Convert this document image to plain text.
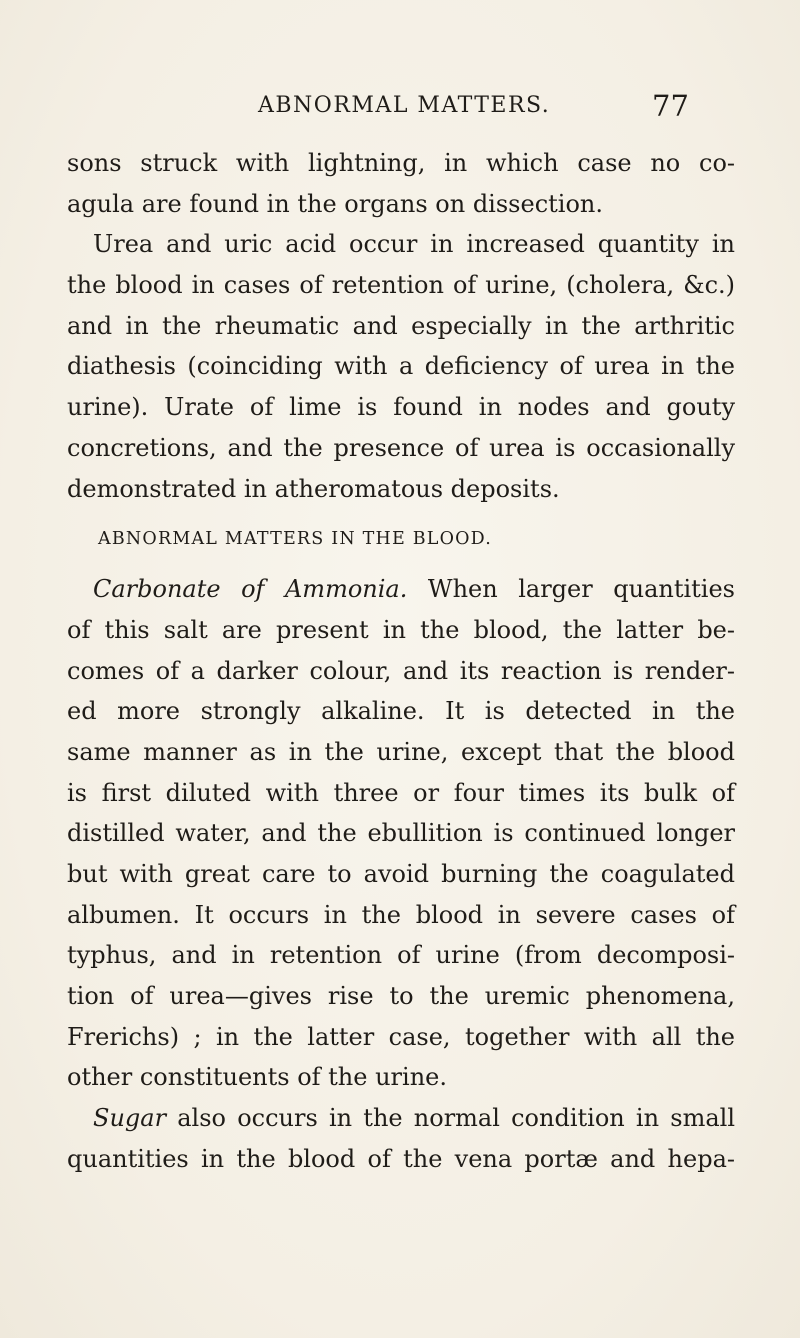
ABNORMAL MATTERS.	77
sons struck with lightning, in which case no co-
agula are found in the organs on dissection.
Urea and uric acid occur in increased quantity in
the blood in cases of retention of urine, (cholera, &c.)
and in the rheumatic and especially in the arthritic
diathesis (coinciding with a deficiency of urea in the
urine). Urate of lime is found in nodes and gouty
concretions, and the presence of urea is occasionally
demonstrated in atheromatous deposits.
ABNORMAL MATTERS IN THE BLOOD.
Carbonate of Ammonia. When larger quantities
of this salt are present in the blood, the latter be-
comes of a darker colour, and its reaction is render-
ed more strongly alkaline. It is detected in the
same manner as in the urine, except that the blood
is first diluted with three or four times its bulk of
distilled water, and the ebullition is continued longer
but with great care to avoid burning the coagulated
albumen. It occurs in the blood in severe cases of
typhus, and in retention of urine (from decomposi-
tion of urea—gives rise to the uremic phenomena,
Frerichs) ; in the latter case, together with all the
other constituents of the urine.
Sugar also occurs in the normal condition in small
quantities in the blood of the vena portæ and hepa-
